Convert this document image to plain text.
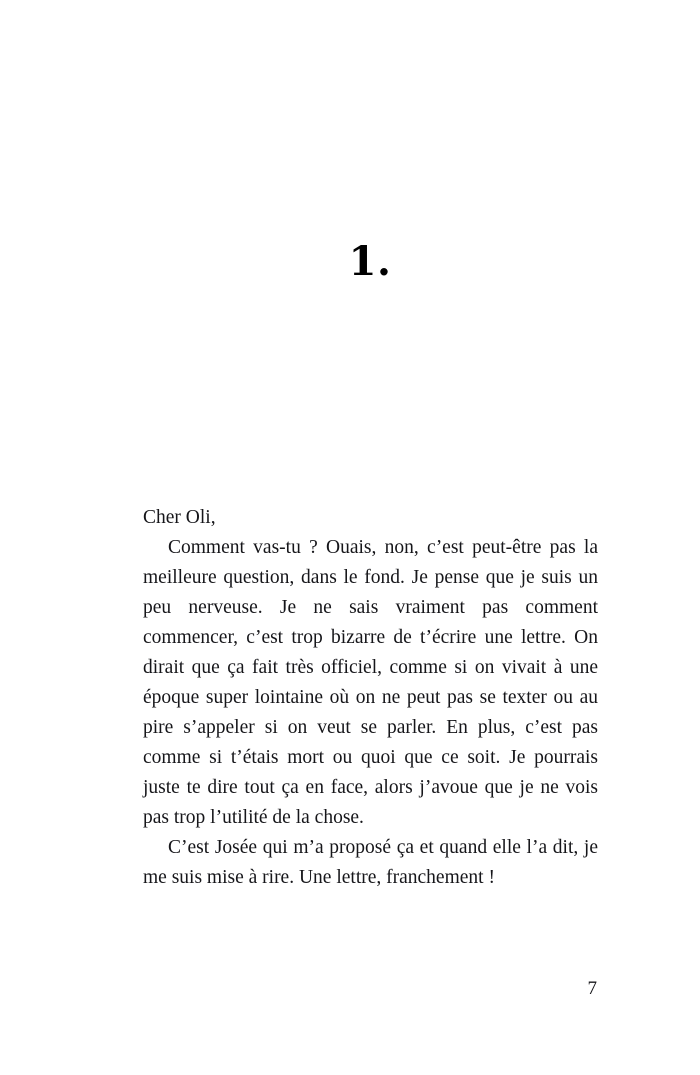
1.

Cher Oli,

Comment vas-tu ? Ouais, non, c’est peut-être pas la meilleure question, dans le fond. Je pense que je suis un peu nerveuse. Je ne sais vraiment pas comment commencer, c’est trop bizarre de t’écrire une lettre. On dirait que ça fait très officiel, comme si on vivait à une époque super lointaine où on ne peut pas se texter ou au pire s’appeler si on veut se parler. En plus, c’est pas comme si t’étais mort ou quoi que ce soit. Je pourrais juste te dire tout ça en face, alors j’avoue que je ne vois pas trop l’utilité de la chose.

C’est Josée qui m’a proposé ça et quand elle l’a dit, je me suis mise à rire. Une lettre, franchement !

7
